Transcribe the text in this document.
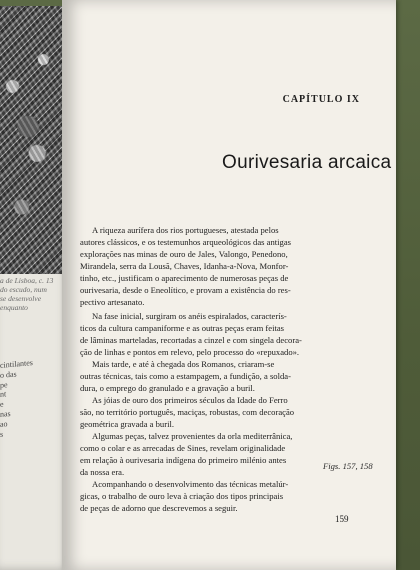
a de Lisboa, c. 13
do escudo, num
se desenvolve
enquanto
cintilantes
o das
pe
nt
e
nas
ao
s
CAPÍTULO IX
Ourivesaria arcaica

A riqueza aurífera dos rios portugueses, atestada pelos
autores clássicos, e os testemunhos arqueológicos das antigas
explorações nas minas de ouro de Jales, Valongo, Penedono,
Mirandela, serra da Lousã, Chaves, Idanha-a-Nova, Monfor-
tinho, etc., justificam o aparecimento de numerosas peças de
ourivesaria, desde o Eneolítico, e provam a existência do res-
pectivo artesanato.

Na fase inicial, surgiram os anéis espiralados, caracterís-
ticos da cultura campaniforme e as outras peças eram feitas
de lâminas marteladas, recortadas a cinzel e com singela decora-
ção de linhas e pontos em relevo, pelo processo do «repuxado».

Mais tarde, e até à chegada dos Romanos, criaram-se
outras técnicas, tais como a estampagem, a fundição, a solda-
dura, o emprego do granulado e a gravação a buril.

As jóias de ouro dos primeiros séculos da Idade do Ferro
são, no território português, maciças, robustas, com decoração
geométrica gravada a buril.

Algumas peças, talvez provenientes da orla mediterrânica,
como o colar e as arrecadas de Sines, revelam originalidade
em relação à ourivesaria indígena do primeiro milénio antes
da nossa era.

Acompanhando o desenvolvimento das técnicas metalúr-
gicas, o trabalho de ouro leva à criação dos tipos principais
de peças de adorno que descrevemos a seguir.

Figs. 157, 158
159
